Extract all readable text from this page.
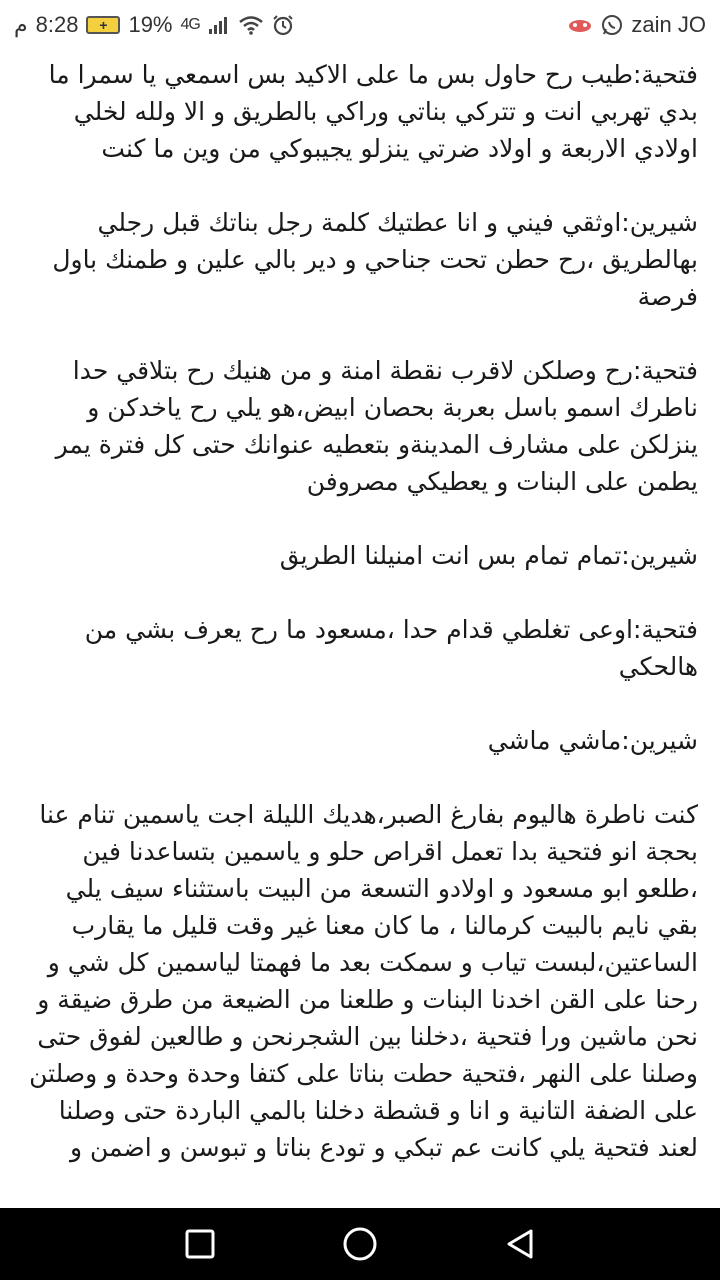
م 8:28	+ 19% 4G	zain JO

فتحية:طيب رح حاول بس ما على الاكيد بس اسمعي يا سمرا ما بدي تهربي انت و تتركي بناتي وراكي بالطريق و الا ولله لخلي اولادي الاربعة و اولاد ضرتي ينزلو يجيبوكي من وين ما كنت

شيرين:اوثقي فيني و انا عطتيك كلمة رجل بناتك قبل رجلي بهالطريق ،رح حطن تحت جناحي و دير بالي علين و طمنك باول فرصة

فتحية:رح وصلكن لاقرب نقطة امنة و من هنيك رح بتلاقي حدا ناطرك اسمو باسل بعربة بحصان ابيض،هو يلي رح ياخدكن و ينزلكن على مشارف المدينةو بتعطيه عنوانك حتى كل فترة يمر يطمن على البنات و يعطيكي مصروفن

شيرين:تمام تمام بس انت امنيلنا الطريق

فتحية:اوعى تغلطي قدام حدا ،مسعود ما رح يعرف بشي من هالحكي

شيرين:ماشي ماشي

كنت ناطرة هاليوم بفارغ الصبر،هديك الليلة اجت ياسمين تنام عنا بحجة انو فتحية بدا تعمل اقراص حلو و ياسمين بتساعدنا فين ،طلعو ابو مسعود و اولادو التسعة من البيت باستثناء سيف يلي بقي نايم بالبيت كرمالنا ، ما كان معنا غير وقت قليل ما يقارب الساعتين،لبست تياب و سمكت بعد ما فهمتا لياسمين كل شي و رحنا على القن اخدنا البنات و طلعنا من الضيعة من طرق ضيقة و نحن ماشين ورا فتحية ،دخلنا بين الشجرنحن و طالعين لفوق حتى وصلنا على النهر ،فتحية حطت بناتا على كتفا وحدة وحدة و وصلتن على الضفة التانية و انا و قشطة دخلنا بالمي الباردة حتى وصلنا لعند فتحية يلي كانت عم تبكي و تودع بناتا و تبوسن و اضمن و
